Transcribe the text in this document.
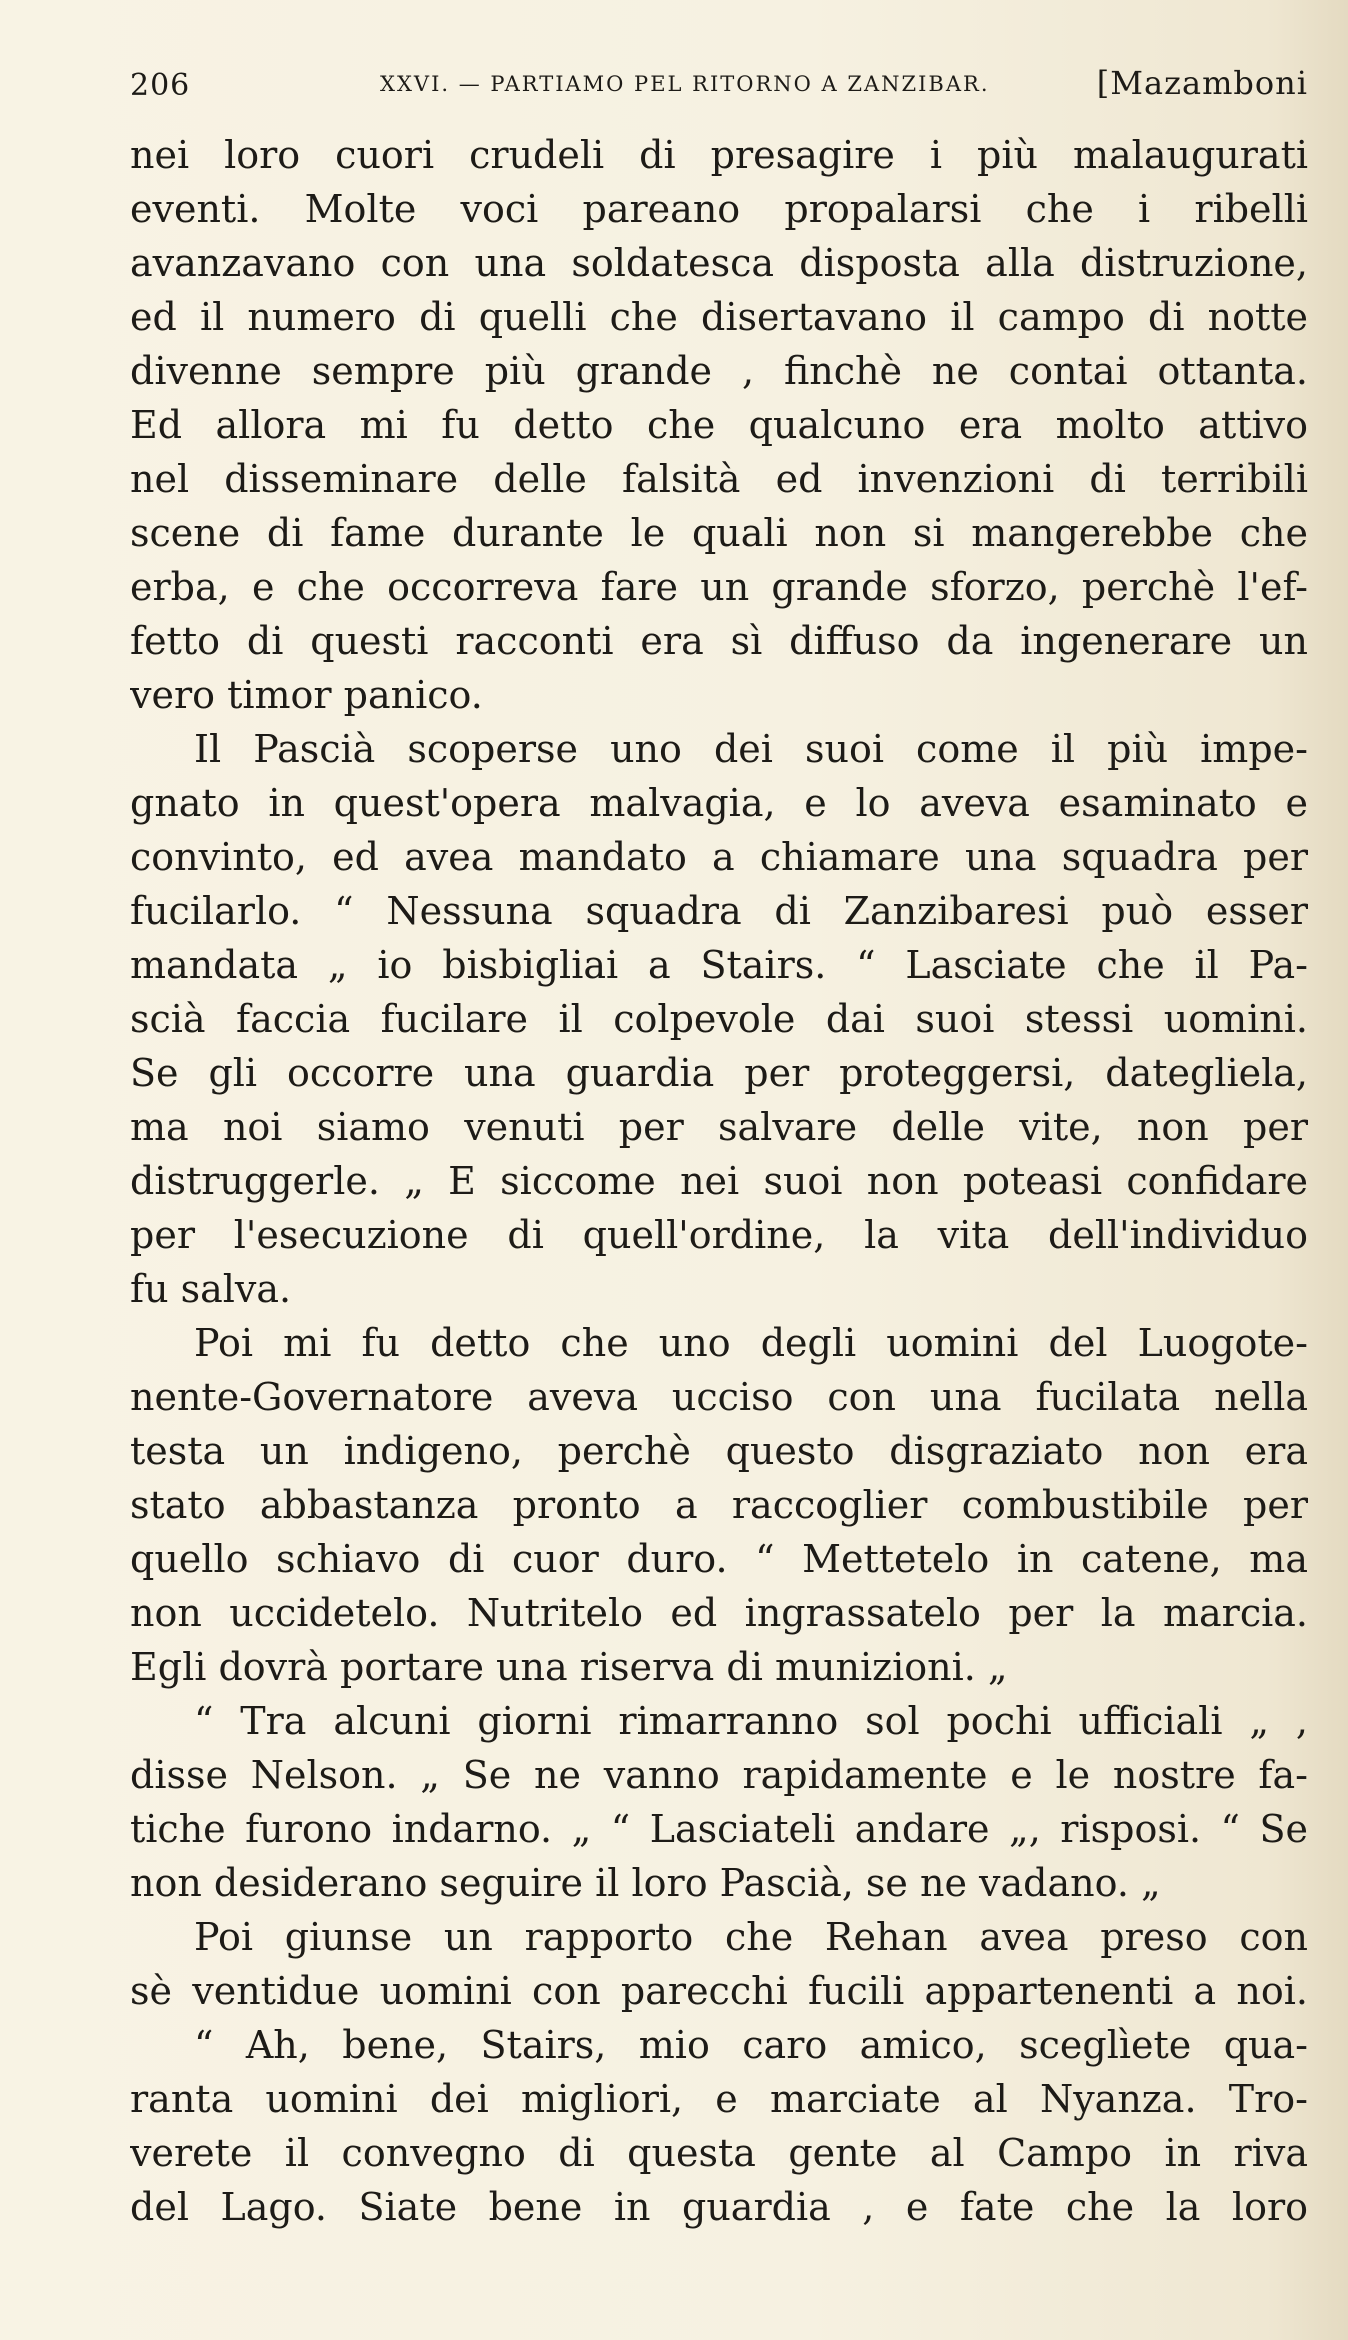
206	XXVI. — PARTIAMO PEL RITORNO A ZANZIBAR.	[Mazamboni
nei loro cuori crudeli di presagire i più malaugurati
eventi. Molte voci pareano propalarsi che i ribelli
avanzavano con una soldatesca disposta alla distruzione,
ed il numero di quelli che disertavano il campo di notte
divenne sempre più grande , finchè ne contai ottanta.
Ed allora mi fu detto che qualcuno era molto attivo
nel disseminare delle falsità ed invenzioni di terribili
scene di fame durante le quali non si mangerebbe che
erba, e che occorreva fare un grande sforzo, perchè l'ef-
fetto di questi racconti era sì diffuso da ingenerare un
vero timor panico.
Il Pascià scoperse uno dei suoi come il più impe-
gnato in quest'opera malvagia, e lo aveva esaminato e
convinto, ed avea mandato a chiamare una squadra per
fucilarlo. “ Nessuna squadra di Zanzibaresi può esser
mandata „ io bisbigliai a Stairs. “ Lasciate che il Pa-
scià faccia fucilare il colpevole dai suoi stessi uomini.
Se gli occorre una guardia per proteggersi, dategliela,
ma noi siamo venuti per salvare delle vite, non per
distruggerle. „ E siccome nei suoi non poteasi confidare
per l'esecuzione di quell'ordine, la vita dell'individuo
fu salva.
Poi mi fu detto che uno degli uomini del Luogote-
nente-Governatore aveva ucciso con una fucilata nella
testa un indigeno, perchè questo disgraziato non era
stato abbastanza pronto a raccoglier combustibile per
quello schiavo di cuor duro. “ Mettetelo in catene, ma
non uccidetelo. Nutritelo ed ingrassatelo per la marcia.
Egli dovrà portare una riserva di munizioni. „
“ Tra alcuni giorni rimarranno sol pochi ufficiali „ ,
disse Nelson. „ Se ne vanno rapidamente e le nostre fa-
tiche furono indarno. „ “ Lasciateli andare „, risposi. “ Se
non desiderano seguire il loro Pascià, se ne vadano. „
Poi giunse un rapporto che Rehan avea preso con
sè ventidue uomini con parecchi fucili appartenenti a noi.
“ Ah, bene, Stairs, mio caro amico, sceglìete qua-
ranta uomini dei migliori, e marciate al Nyanza. Tro-
verete il convegno di questa gente al Campo in riva
del Lago. Siate bene in guardia , e fate che la loro
